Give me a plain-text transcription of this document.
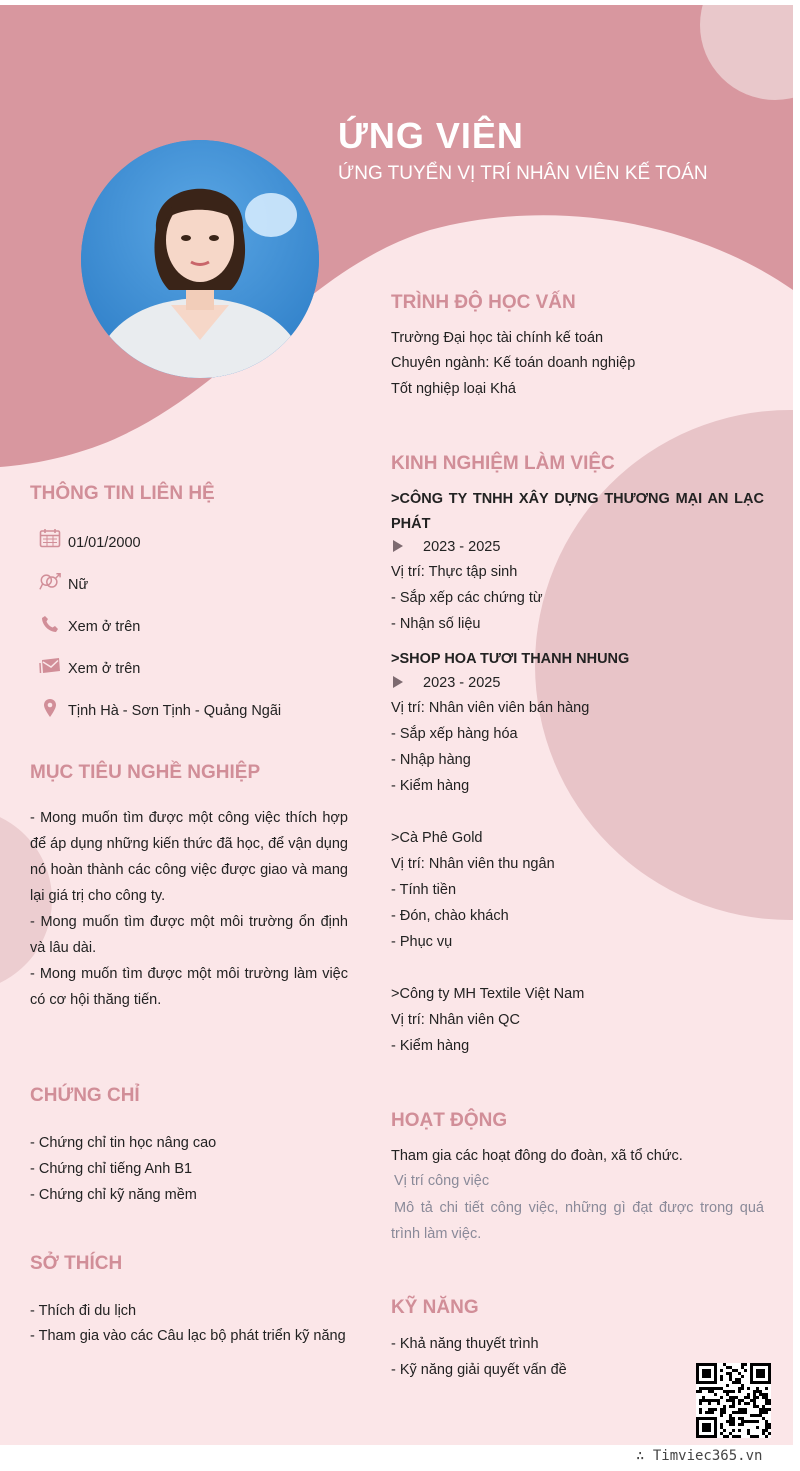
ỨNG VIÊN
ỨNG TUYỂN VỊ TRÍ NHÂN VIÊN KẾ TOÁN
THÔNG TIN LIÊN HỆ
01/01/2000
Nữ
Xem ở trên
Xem ở trên
Tịnh Hà - Sơn Tịnh - Quảng Ngãi
MỤC TIÊU NGHỀ NGHIỆP
- Mong muốn tìm được một công việc thích hợp để áp dụng những kiến thức đã học, để vận dụng nó hoàn thành các công việc được giao và mang lại giá trị cho công ty.
- Mong muốn tìm được một môi trường ổn định và lâu dài.
- Mong muốn tìm được một môi trường làm việc có cơ hội thăng tiến.
CHỨNG CHỈ
- Chứng chỉ tin học nâng cao
- Chứng chỉ tiếng Anh B1
- Chứng chỉ kỹ năng mềm
SỞ THÍCH
- Thích đi du lịch
- Tham gia vào các Câu lạc bộ phát triển kỹ năng
TRÌNH ĐỘ HỌC VẤN
Trường Đại học tài chính kế toán
Chuyên ngành: Kế toán doanh nghiệp
Tốt nghiệp loại Khá
KINH NGHIỆM LÀM VIỆC
>CÔNG TY TNHH XÂY DỰNG THƯƠNG MẠI AN LẠC PHÁT
2023 - 2025
Vị trí: Thực tập sinh
- Sắp xếp các chứng từ
- Nhận số liệu
>SHOP HOA TƯƠI THANH NHUNG
2023 - 2025
Vị trí: Nhân viên viên bán hàng
- Sắp xếp hàng hóa
- Nhập hàng
- Kiểm hàng
>Cà Phê Gold
Vị trí: Nhân viên thu ngân
- Tính tiền
- Đón, chào khách
- Phục vụ
>Công ty MH Textile Việt Nam
Vị trí: Nhân viên QC
- Kiểm hàng
HOẠT ĐỘNG
Tham gia các hoạt đông do đoàn, xã tổ chức.
Vị trí công việc
Mô tả chi tiết công việc, những gì đạt được trong quá trình làm việc.
KỸ NĂNG
- Khả năng thuyết trình
- Kỹ năng giải quyết vấn đề
∴ Timviec365.vn
